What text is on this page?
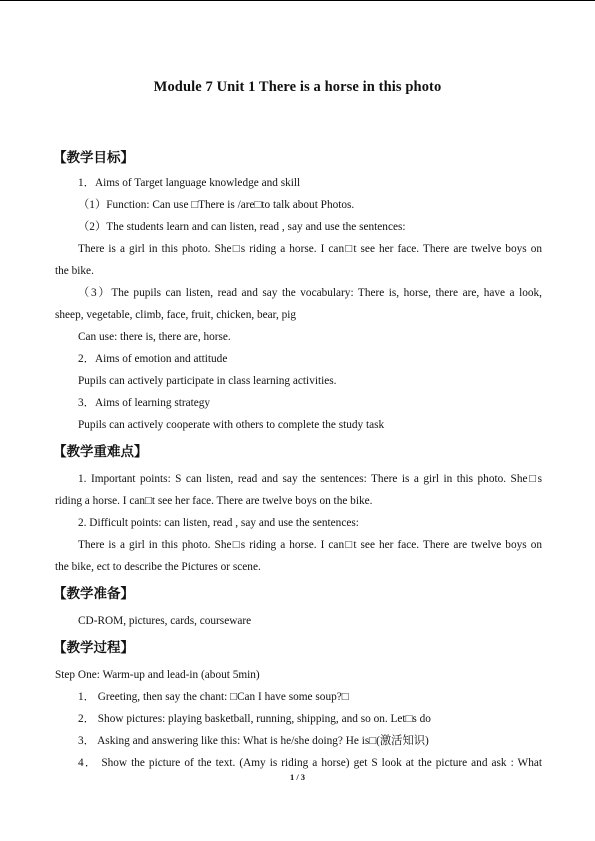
Module 7 Unit 1 There is a horse in this photo
【教学目标】
1．Aims of Target language knowledge and skill
（1）Function: Can use □There is /are□to talk about Photos.
（2）The students learn and can listen, read , say and use the sentences:
There is a girl in this photo. She□s riding a horse. I can□t see her face. There are twelve boys on
the bike.
（3）The pupils can listen, read and say the vocabulary: There is, horse, there are, have a look,
sheep, vegetable, climb, face, fruit, chicken, bear, pig
Can use: there is, there are, horse.
2．Aims of emotion and attitude
Pupils can actively participate in class learning activities.
3．Aims of learning strategy
Pupils can actively cooperate with others to complete the study task
【教学重难点】
1. Important points: S can listen, read and say the sentences: There is a girl in this photo. She□s
riding a horse. I can□t see her face. There are twelve boys on the bike.
2. Difficult points: can listen, read , say and use the sentences:
There is a girl in this photo. She□s riding a horse. I can□t see her face. There are twelve boys on
the bike, ect to describe the Pictures or scene.
【教学准备】
CD-ROM, pictures, cards, courseware
【教学过程】
Step One: Warm-up and lead-in (about 5min)
1． Greeting, then say the chant: □Can I have some soup?□
2． Show pictures: playing basketball, running, shipping, and so on. Let□s do
3． Asking and answering like this: What is he/she doing? He is□(激活知识)
4． Show the picture of the text. (Amy is riding a horse) get S look at the picture and ask : What
1 / 3
